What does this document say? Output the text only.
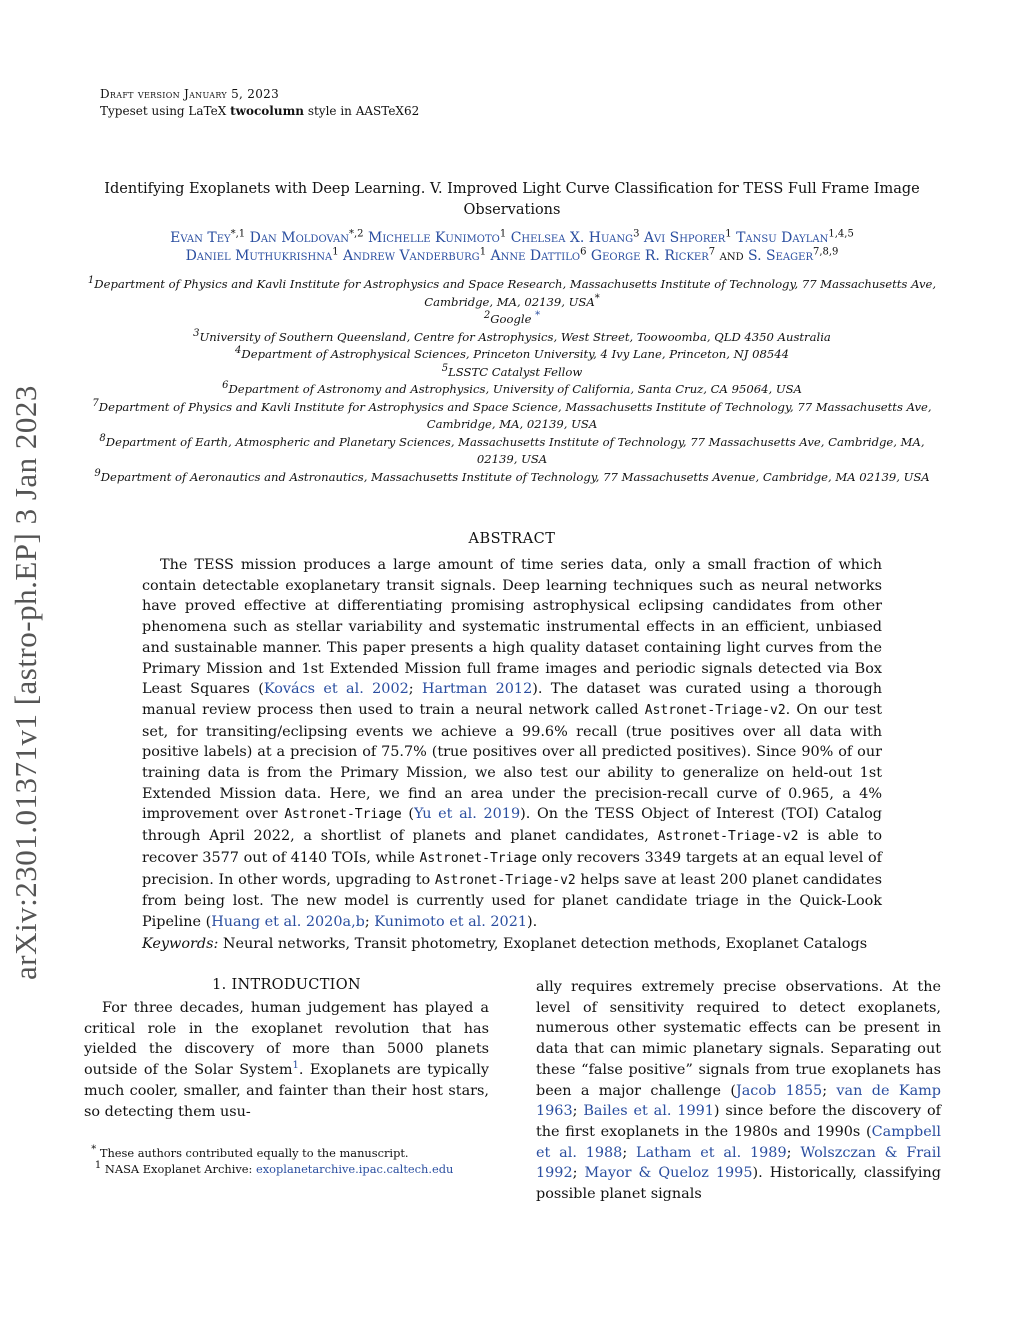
Draft version January 5, 2023
Typeset using LaTeX twocolumn style in AASTeX62
arXiv:2301.01371v1 [astro-ph.EP] 3 Jan 2023
Identifying Exoplanets with Deep Learning. V. Improved Light Curve Classification for TESS Full Frame Image Observations
Evan Tey$^{*,1}$ Dan Moldovan$^{*,2}$ Michelle Kunimoto$^1$ Chelsea X. Huang$^3$ Avi Shporer$^1$ Tansu Daylan$^{1,4,5}$
Daniel Muthukrishna$^1$ Andrew Vanderburg$^1$ Anne Dattilo$^6$ George R. Ricker$^7$ and S. Seager$^{7,8,9}$

1Department of Physics and Kavli Institute for Astrophysics and Space Research, Massachusetts Institute of Technology, 77 Massachusetts Ave, Cambridge, MA, 02139, USA*

2Google *

3University of Southern Queensland, Centre for Astrophysics, West Street, Toowoomba, QLD 4350 Australia

4Department of Astrophysical Sciences, Princeton University, 4 Ivy Lane, Princeton, NJ 08544

5LSSTC Catalyst Fellow

6Department of Astronomy and Astrophysics, University of California, Santa Cruz, CA 95064, USA

7Department of Physics and Kavli Institute for Astrophysics and Space Science, Massachusetts Institute of Technology, 77 Massachusetts Ave, Cambridge, MA, 02139, USA

8Department of Earth, Atmospheric and Planetary Sciences, Massachusetts Institute of Technology, 77 Massachusetts Ave, Cambridge, MA, 02139, USA

9Department of Aeronautics and Astronautics, Massachusetts Institute of Technology, 77 Massachusetts Avenue, Cambridge, MA 02139, USA

ABSTRACT

The TESS mission produces a large amount of time series data, only a small fraction of which contain detectable exoplanetary transit signals. Deep learning techniques such as neural networks have proved effective at differentiating promising astrophysical eclipsing candidates from other phenomena such as stellar variability and systematic instrumental effects in an efficient, unbiased and sustainable manner. This paper presents a high quality dataset containing light curves from the Primary Mission and 1st Extended Mission full frame images and periodic signals detected via Box Least Squares (Kovács et al. 2002; Hartman 2012). The dataset was curated using a thorough manual review process then used to train a neural network called Astronet-Triage-v2. On our test set, for transiting/eclipsing events we achieve a 99.6% recall (true positives over all data with positive labels) at a precision of 75.7% (true positives over all predicted positives). Since 90% of our training data is from the Primary Mission, we also test our ability to generalize on held-out 1st Extended Mission data. Here, we find an area under the precision-recall curve of 0.965, a 4% improvement over Astronet-Triage (Yu et al. 2019). On the TESS Object of Interest (TOI) Catalog through April 2022, a shortlist of planets and planet candidates, Astronet-Triage-v2 is able to recover 3577 out of 4140 TOIs, while Astronet-Triage only recovers 3349 targets at an equal level of precision. In other words, upgrading to Astronet-Triage-v2 helps save at least 200 planet candidates from being lost. The new model is currently used for planet candidate triage in the Quick-Look Pipeline (Huang et al. 2020a,b; Kunimoto et al. 2021).

Keywords: Neural networks, Transit photometry, Exoplanet detection methods, Exoplanet Catalogs
1. INTRODUCTION

For three decades, human judgement has played a critical role in the exoplanet revolution that has yielded the discovery of more than 5000 planets outside of the Solar System$^1$. Exoplanets are typically much cooler, smaller, and fainter than their host stars, so detecting them usu-

* These authors contributed equally to the manuscript.
1 NASA Exoplanet Archive: exoplanetarchive.ipac.caltech.edu

ally requires extremely precise observations. At the level of sensitivity required to detect exoplanets, numerous other systematic effects can be present in data that can mimic planetary signals. Separating out these “false positive” signals from true exoplanets has been a major challenge (Jacob 1855; van de Kamp 1963; Bailes et al. 1991) since before the discovery of the first exoplanets in the 1980s and 1990s (Campbell et al. 1988; Latham et al. 1989; Wolszczan & Frail 1992; Mayor & Queloz 1995). Historically, classifying possible planet signals
